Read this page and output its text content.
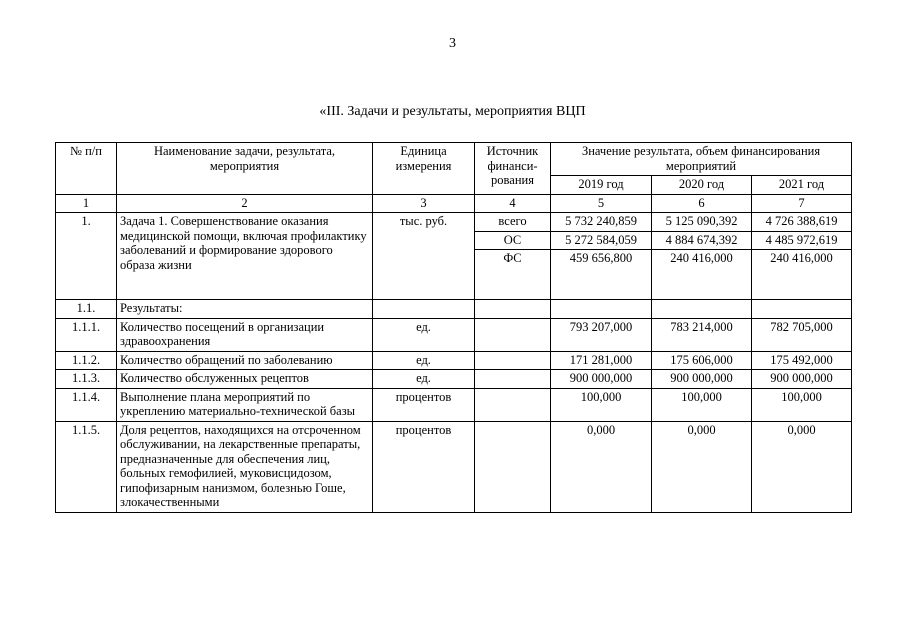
3
«III. Задачи и результаты, мероприятия ВЦП
№ п/п	Наименование задачи, результата, мероприятия	Единица измерения	Источник финанси-рования	Значение результата, объем финансирования мероприятий		
				2019 год	2020 год	2021 год
1	2	3	4	5	6	7
1.	Задача 1. Совершенствование оказания медицинской помощи, включая профилактику заболеваний и формирование здорового образа жизни	тыс. руб.	всего	5 732 240,859	5 125 090,392	4 726 388,619
			ОС	5 272 584,059	4 884 674,392	4 485 972,619
			ФС	459 656,800	240 416,000	240 416,000

1.1.	Результаты:					
1.1.1.	Количество посещений в организации здравоохранения	ед.		793 207,000	783 214,000	782 705,000
1.1.2.	Количество обращений по заболеванию	ед.		171 281,000	175 606,000	175 492,000
1.1.3.	Количество обслуженных рецептов	ед.		900 000,000	900 000,000	900 000,000
1.1.4.	Выполнение плана мероприятий по укреплению материально-технической базы	процентов		100,000	100,000	100,000
1.1.5.	Доля рецептов, находящихся на отсроченном обслуживании, на лекарственные препараты, предназначенные для обеспечения лиц, больных гемофилией, муковисцидозом, гипофизарным нанизмом, болезнью Гоше, злокачественными	процентов		0,000	0,000	0,000
